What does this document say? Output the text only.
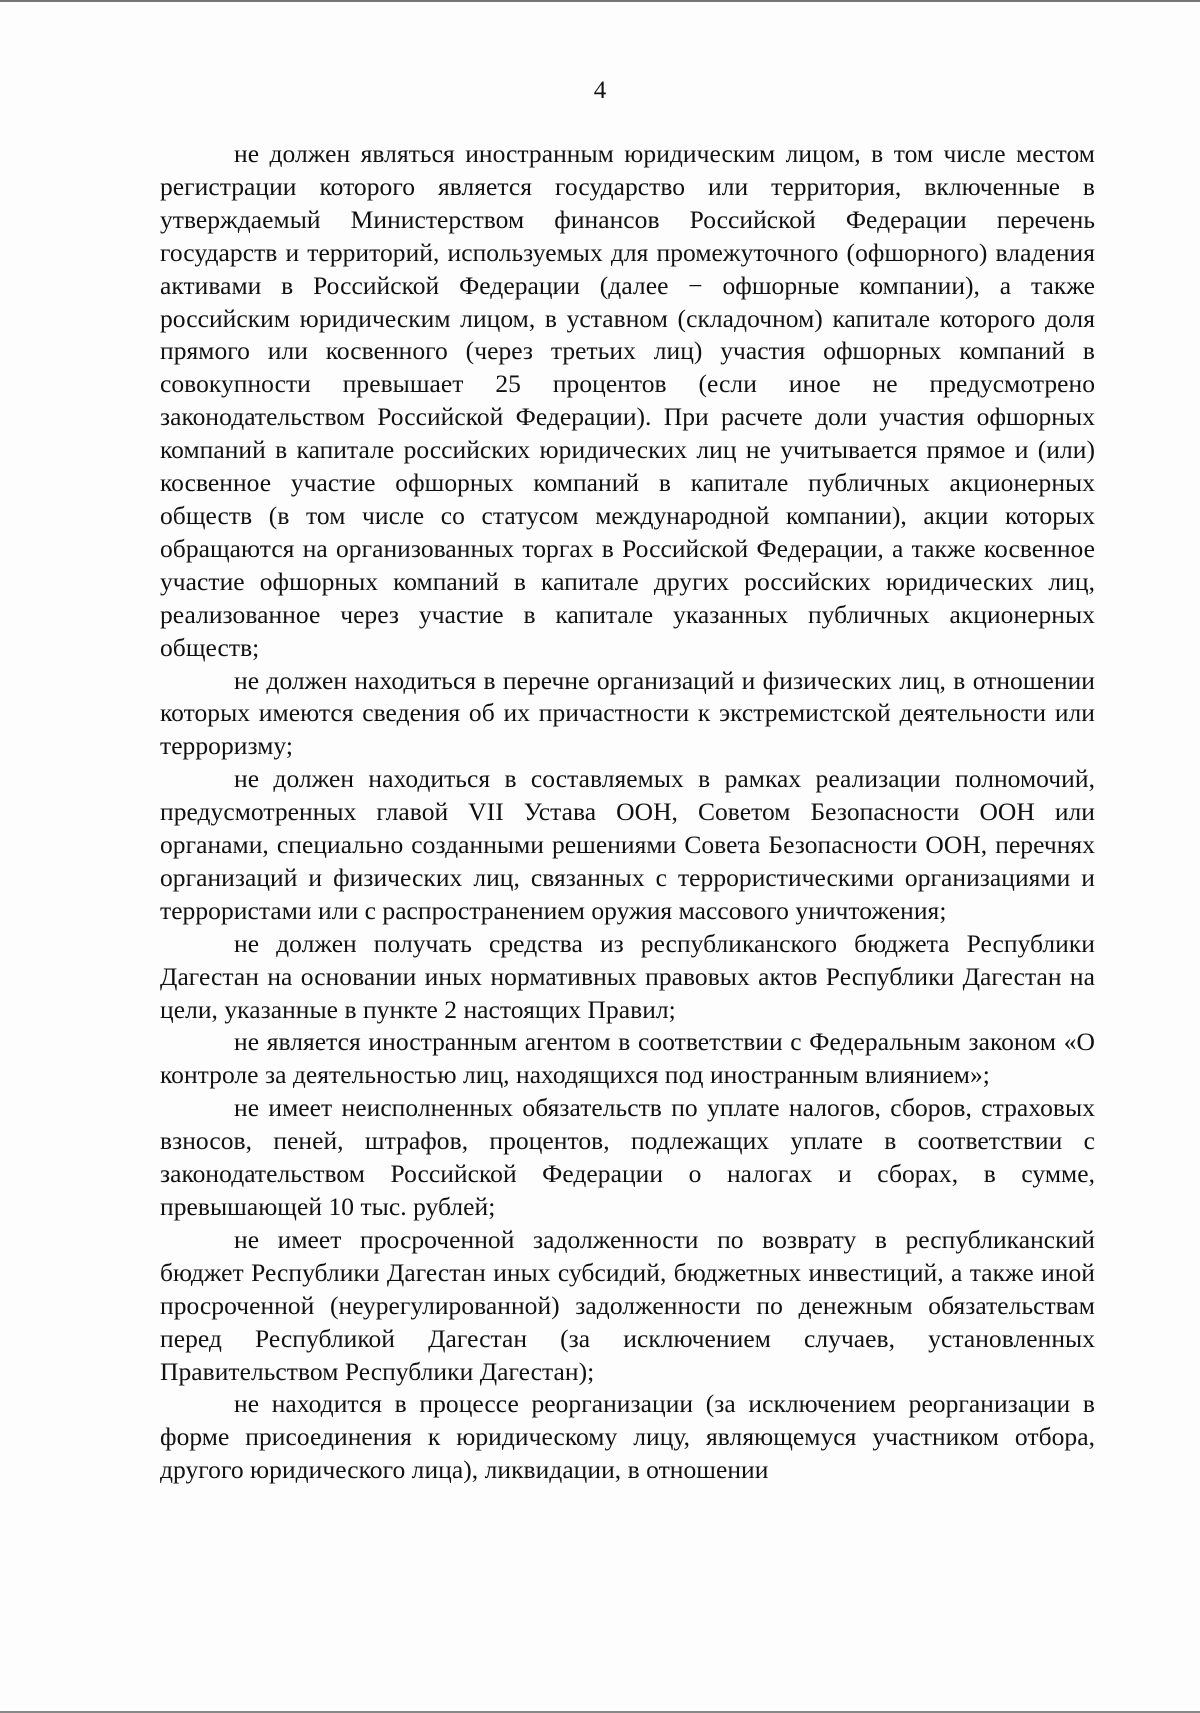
4

не должен являться иностранным юридическим лицом, в том числе местом регистрации которого является государство или территория, включенные в утверждаемый Министерством финансов Российской Федерации перечень государств и территорий, используемых для промежуточного (офшорного) владения активами в Российской Федерации (далее − офшорные компании), а также российским юридическим лицом, в уставном (складочном) капитале которого доля прямого или косвенного (через третьих лиц) участия офшорных компаний в совокупности превышает 25 процентов (если иное не предусмотрено законодательством Российской Федерации). При расчете доли участия офшорных компаний в капитале российских юридических лиц не учитывается прямое и (или) косвенное участие офшорных компаний в капитале публичных акционерных обществ (в том числе со статусом международной компании), акции которых обращаются на организованных торгах в Российской Федерации, а также косвенное участие офшорных компаний в капитале других российских юридических лиц, реализованное через участие в капитале указанных публичных акционерных обществ;

не должен находиться в перечне организаций и физических лиц, в отношении которых имеются сведения об их причастности к экстремистской деятельности или терроризму;

не должен находиться в составляемых в рамках реализации полномочий, предусмотренных главой VII Устава ООН, Советом Безопасности ООН или органами, специально созданными решениями Совета Безопасности ООН, перечнях организаций и физических лиц, связанных с террористическими организациями и террористами или с распространением оружия массового уничтожения;

не должен получать средства из республиканского бюджета Республики Дагестан на основании иных нормативных правовых актов Республики Дагестан на цели, указанные в пункте 2 настоящих Правил;

не является иностранным агентом в соответствии с Федеральным законом «О контроле за деятельностью лиц, находящихся под иностранным влиянием»;

не имеет неисполненных обязательств по уплате налогов, сборов, страховых взносов, пеней, штрафов, процентов, подлежащих уплате в соответствии с законодательством Российской Федерации о налогах и сборах, в сумме, превышающей 10 тыс. рублей;

не имеет просроченной задолженности по возврату в республиканский бюджет Республики Дагестан иных субсидий, бюджетных инвестиций, а также иной просроченной (неурегулированной) задолженности по денежным обязательствам перед Республикой Дагестан (за исключением случаев, установленных Правительством Республики Дагестан);

не находится в процессе реорганизации (за исключением реорганизации в форме присоединения к юридическому лицу, являющемуся участником отбора, другого юридического лица), ликвидации, в отношении
